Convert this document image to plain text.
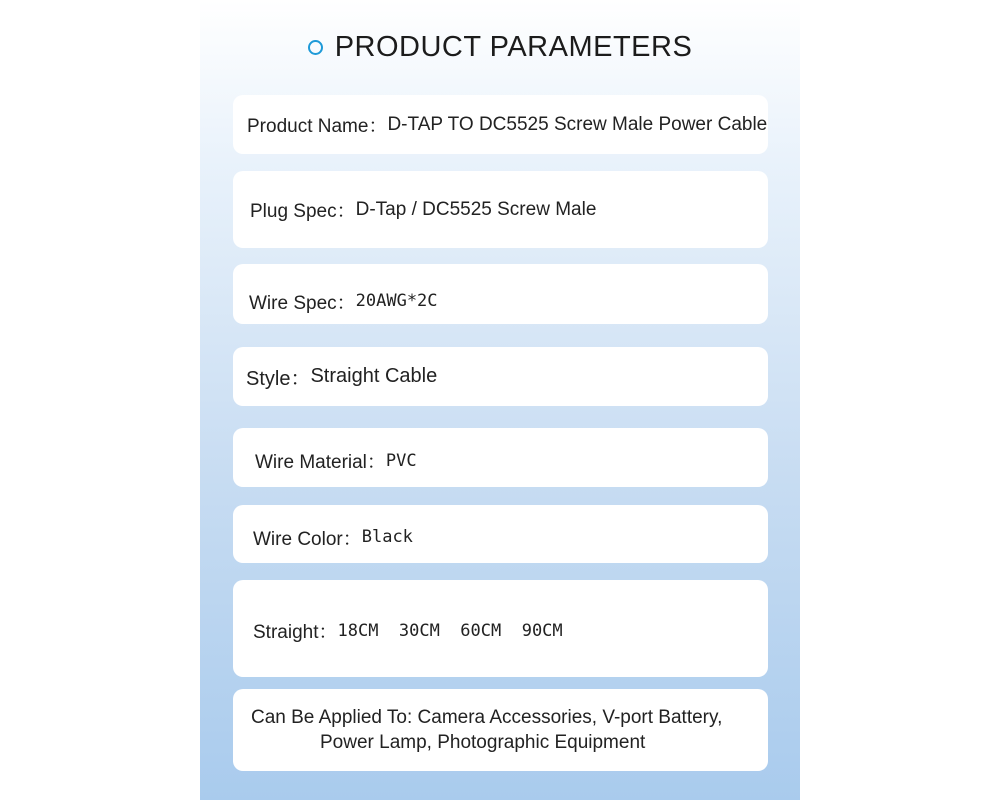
PRODUCT PARAMETERS
Product Name： D-TAP TO DC5525 Screw Male Power Cable
Plug Spec： D-Tap / DC5525 Screw Male
Wire Spec： 20AWG*2C
Style： Straight Cable
Wire Material： PVC
Wire Color： Black
Straight： 18CM  30CM  60CM  90CM
Can Be Applied To: Camera Accessories, V-port Battery,
Power Lamp, Photographic Equipment
